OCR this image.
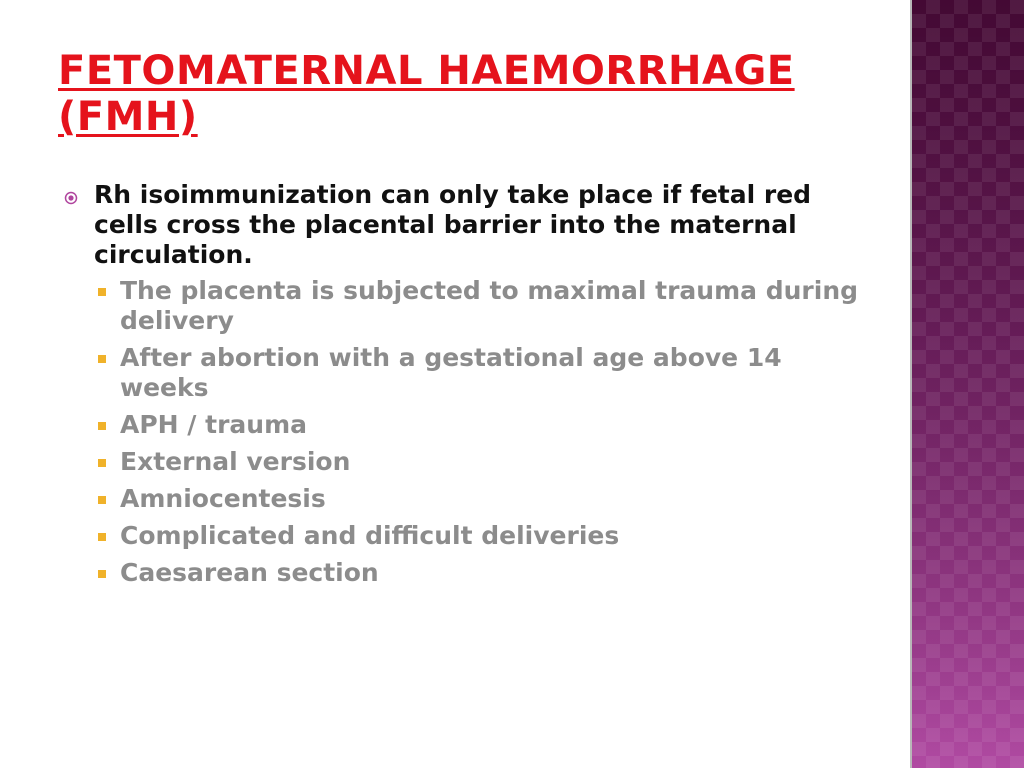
FETOMATERNAL HAEMORRHAGE (FMH)
Rh isoimmunization can only take place if fetal red cells cross the placental barrier into the maternal circulation.
The placenta is subjected to maximal trauma during delivery
After abortion with a gestational age above 14 weeks
APH / trauma
External version
Amniocentesis
Complicated and difficult deliveries
Caesarean section
